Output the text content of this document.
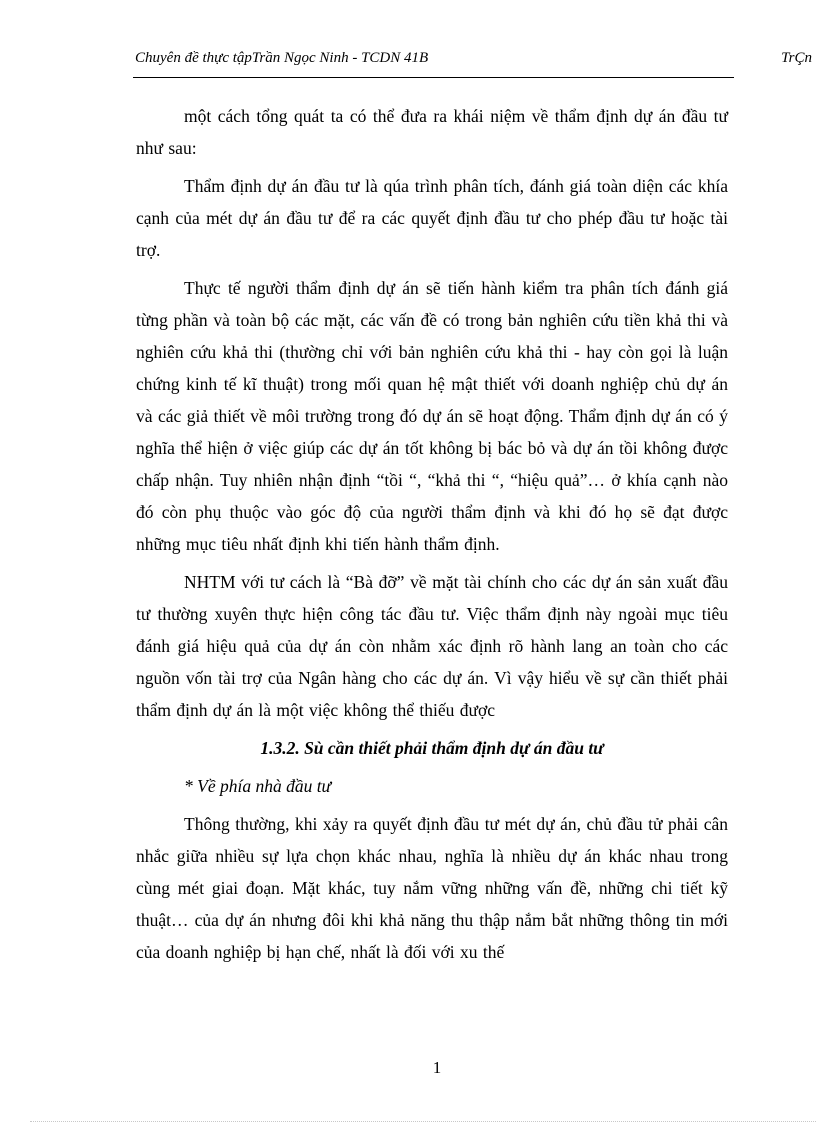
Chuyên đề thực tậpTrần Ngọc Ninh - TCDN 41B	TrÇn

một cách tổng quát ta có thể đưa ra khái niệm về thẩm định dự án đầu tư như sau:

Thẩm định dự án đầu tư là qúa trình phân tích, đánh giá toàn diện các khía cạnh của mét dự án đầu tư để ra các quyết định đầu tư cho phép đầu tư hoặc tài trợ.

Thực tế người thẩm định dự án sẽ tiến hành kiểm tra phân tích đánh giá từng phần và toàn bộ các mặt, các vấn đề có trong bản nghiên cứu tiền khả thi và nghiên cứu khả thi (thường chỉ với bản nghiên cứu khả thi - hay còn gọi là luận chứng kinh tế kĩ thuật) trong mối quan hệ mật thiết với doanh nghiệp chủ dự án và các giả thiết về môi trường trong đó dự án sẽ hoạt động. Thẩm định dự án có ý nghĩa thể hiện ở việc giúp các dự án tốt không bị bác bỏ và dự án tồi không được chấp nhận. Tuy nhiên nhận định “tồi “, “khả thi “, “hiệu quả”… ở khía cạnh nào đó còn phụ thuộc vào góc độ của người thẩm định và khi đó họ sẽ đạt được những mục tiêu nhất định khi tiến hành thẩm định.

NHTM với tư cách là “Bà đỡ” về mặt tài chính cho các dự án sản xuất đầu tư thường xuyên thực hiện công tác đầu tư. Việc thẩm định này ngoài mục tiêu đánh giá hiệu quả của dự án còn nhằm xác định rõ hành lang an toàn cho các nguồn vốn tài trợ của Ngân hàng cho các dự án. Vì vậy hiểu về sự cần thiết phải thẩm định dự án là một việc không thể thiếu được

1.3.2. Sù cần thiết phải thẩm định dự án đầu tư

* Về phía nhà đầu tư

Thông thường, khi xảy ra quyết định đầu tư mét dự án, chủ đầu tử phải cân nhắc giữa nhiều sự lựa chọn khác nhau, nghĩa là nhiều dự án khác nhau trong cùng mét giai đoạn. Mặt khác, tuy nắm vững những vấn đề, những chi tiết kỹ thuật… của dự án nhưng đôi khi khả năng thu thập nắm bắt những thông tin mới của doanh nghiệp bị hạn chế, nhất là đối với xu thế

1
